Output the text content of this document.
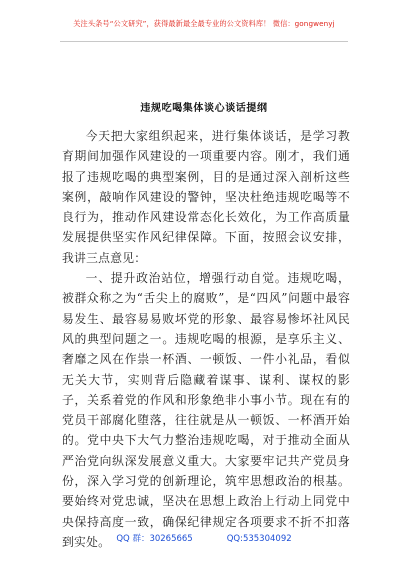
关注头条号“公文研究”，获得最新最全最专业的公文资料库！ 微信：gongwenyj
违规吃喝集体谈心谈话提纲

今天把大家组织起来，进行集体谈话，是学习教育期间加强作风建设的一项重要内容。刚才，我们通报了违规吃喝的典型案例，目的是通过深入剖析这些案例，敲响作风建设的警钟，坚决杜绝违规吃喝等不良行为，推动作风建设常态化长效化，为工作高质量发展提供坚实作风纪律保障。下面，按照会议安排，我讲三点意见：

一、提升政治站位，增强行动自觉。违规吃喝，被群众称之为“舌尖上的腐败”，是“四风”问题中最容易发生、最容易易败坏党的形象、最容易惨坏社风民风的典型问题之一。违规吃喝的根源，是享乐主义、奢靡之风在作祟一杯酒、一顿饭、一件小礼品，看似无关大节，实则背后隐藏着谋事、谋利、谋权的影子，关系着党的作风和形象绝非小事小节。现在有的党员干部腐化堕落，往往就是从一顿饭、一杯酒开始的。党中央下大气力整治违规吃喝，对于推动全面从严治党向纵深发展意义重大。大家要牢记共产党员身份，深入学习党的创新理论，筑牢思想政治的根基。要始终对党忠诚，坚决在思想上政治上行动上同党中央保持高度一致，确保纪律规定各项要求不折不扣落到实处。 QQ 群：30265665	QQ:535304092
